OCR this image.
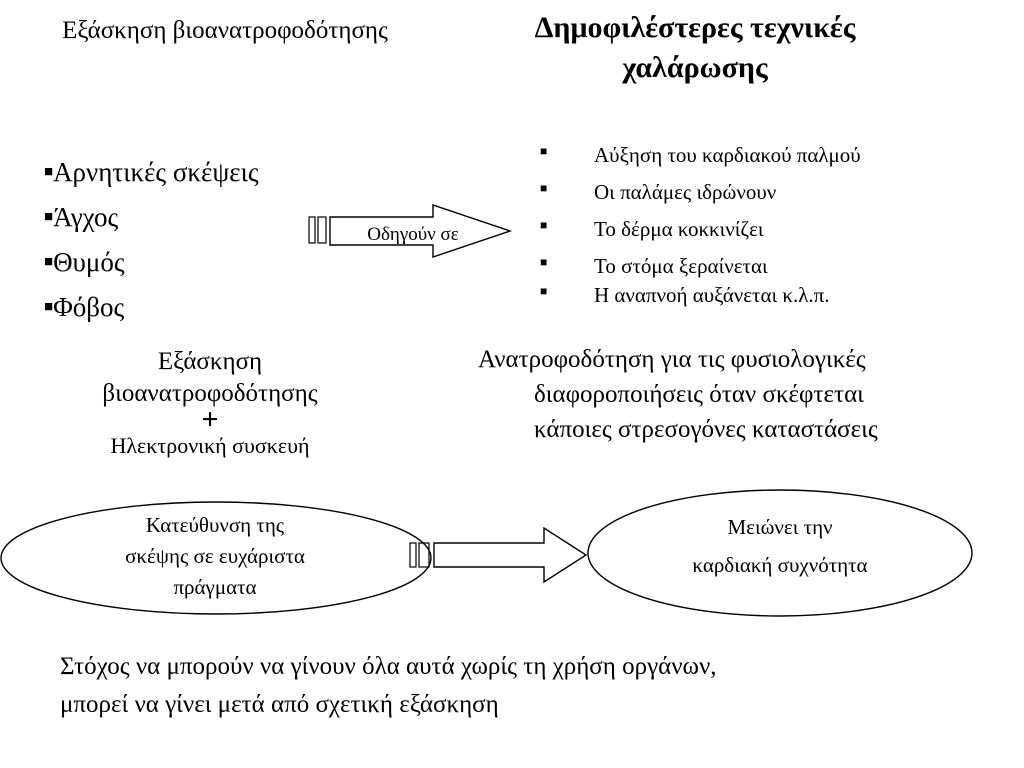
Εξάσκηση βιοανατροφοδότησης	Δημοφιλέστερες τεχνικές χαλάρωσης
■Αρνητικές σκέψεις
■Άγχος
■Θυμός
■Φόβος
■ Αύξηση του καρδιακού παλμού
■ Οι παλάμες ιδρώνουν
■ Το δέρμα κοκκινίζει
■ Το στόμα ξεραίνεται
■ Η αναπνοή αυξάνεται κ.λ.π.
Οδηγούν σε
Εξάσκηση
βιοανατροφοδότησης
+
Ηλεκτρονική συσκευή
Ανατροφοδότηση για τις φυσιολογικές
διαφοροποιήσεις όταν σκέφτεται
κάποιες στρεσογόνες καταστάσεις
Κατεύθυνση της
σκέψης σε ευχάριστα
πράγματα
Μειώνει την
καρδιακή συχνότητα
Στόχος να μπορούν να γίνουν όλα αυτά χωρίς τη χρήση οργάνων,
μπορεί να γίνει μετά από σχετική εξάσκηση
